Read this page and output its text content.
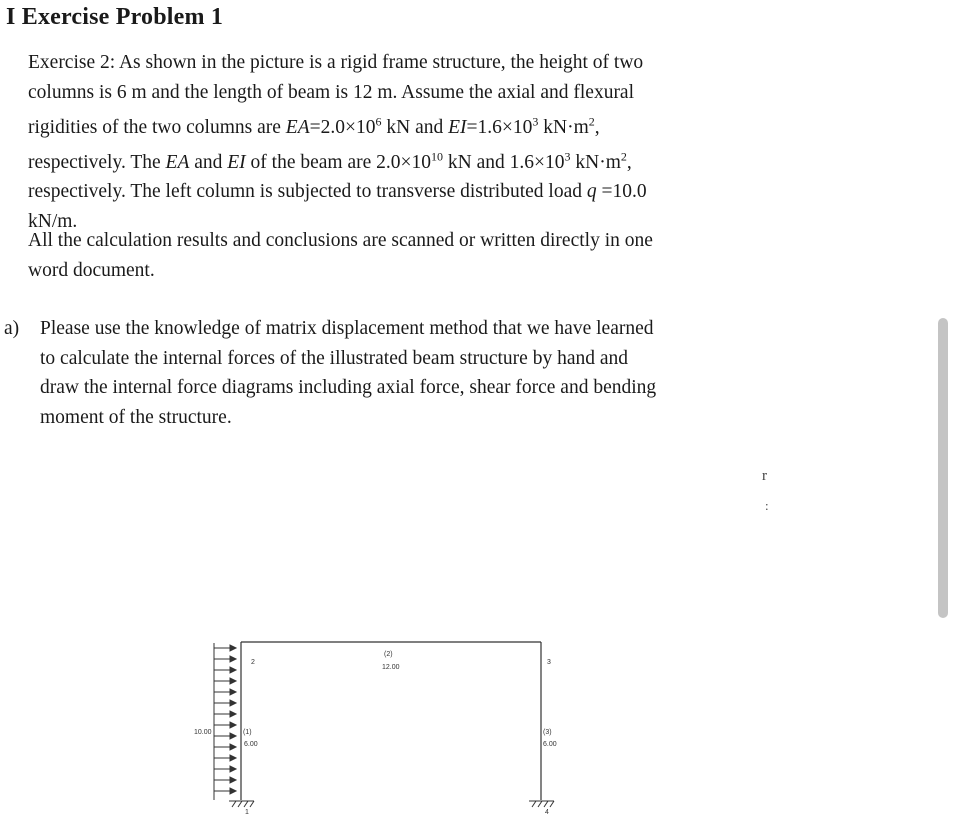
I Exercise Problem 1

Exercise 2: As shown in the picture is a rigid frame structure, the height of two
columns is 6 m and the length of beam is 12 m. Assume the axial and flexural
rigidities of the two columns are $EA=2.0\times 10^6$ kN and $EI=1.6\times 10^3$ $kN\cdot m^2$,
respectively. The EA and EI of the beam are $2.0\times 10^{10}$ kN and $1.6\times 10^3$ $kN\cdot m^2$,
respectively. The left column is subjected to transverse distributed load q =10.0
kN/m.

All the calculation results and conclusions are scanned or written directly in one
word document.

a) Please use the knowledge of matrix displacement method that we have learned
to calculate the internal forces of the illustrated beam structure by hand and
draw the internal force diagrams including axial force, shear force and bending
moment of the structure.
r
:
2	3
(2)
12.00
(1)
6.00
(3)
6.00
10.00
1	4
